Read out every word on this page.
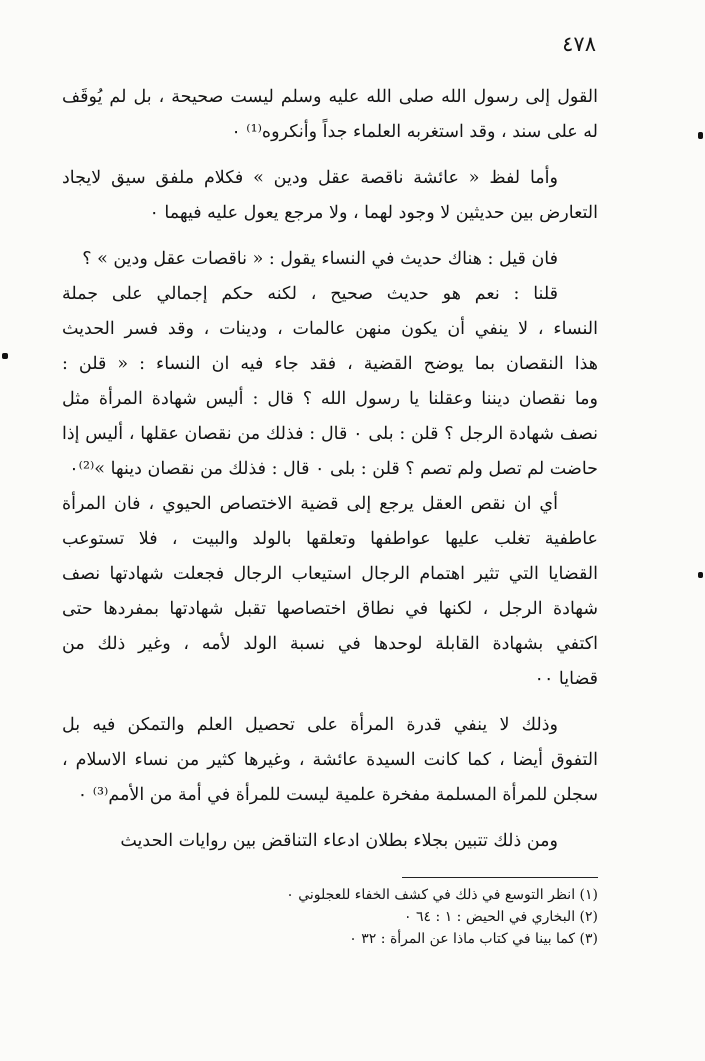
٤٧٨
القول إلى رسول الله صلى الله عليه وسلم ليست صحيحة ، بل لم يُوقَف
له على سند ، وقد استغربه العلماء جداً وأنكروه⁽¹⁾ ٠
وأما لفظ « عائشة ناقصة عقل ودين » فكلام ملفق سيق لايجاد
التعارض بين حديثين لا وجود لهما ، ولا مرجع يعول عليه فيهما ٠
فان قيل : هناك حديث في النساء يقول : « ناقصات عقل ودين » ؟
قلنا : نعم هو حديث صحيح ، لكنه حكم إجمالي على جملة
النساء ، لا ينفي أن يكون منهن عالمات ، ودينات ، وقد فسر الحديث
هذا النقصان بما يوضح القضية ، فقد جاء فيه ان النساء : « قلن :
وما نقصان ديننا وعقلنا يا رسول الله ؟ قال : أليس شهادة المرأة مثل
نصف شهادة الرجل ؟ قلن : بلى ٠ قال : فذلك من نقصان عقلها ، أليس إذا
حاضت لم تصل ولم تصم ؟ قلن : بلى ٠ قال : فذلك من نقصان دينها »⁽²⁾٠
أي ان نقص العقل يرجع إلى قضية الاختصاص الحيوي ، فان المرأة
عاطفية تغلب عليها عواطفها وتعلقها بالولد والبيت ، فلا تستوعب
القضايا التي تثير اهتمام الرجال استيعاب الرجال فجعلت شهادتها نصف
شهادة الرجل ، لكنها في نطاق اختصاصها تقبل شهادتها بمفردها حتى
اكتفي بشهادة القابلة لوحدها في نسبة الولد لأمه ، وغير ذلك من
قضايا ٠٠
وذلك لا ينفي قدرة المرأة على تحصيل العلم والتمكن فيه بل
التفوق أيضا ، كما كانت السيدة عائشة ، وغيرها كثير من نساء الاسلام ،
سجلن للمرأة المسلمة مفخرة علمية ليست للمرأة في أمة من الأمم⁽³⁾ ٠
ومن ذلك تتبين بجلاء بطلان ادعاء التناقض بين روايات الحديث
(١) انظر التوسع في ذلك في كشف الخفاء للعجلوني ٠
(٢) البخاري في الحيض : ١ : ٦٤ ٠
(٣) كما بينا في كتاب ماذا عن المرأة : ٣٢ ٠
